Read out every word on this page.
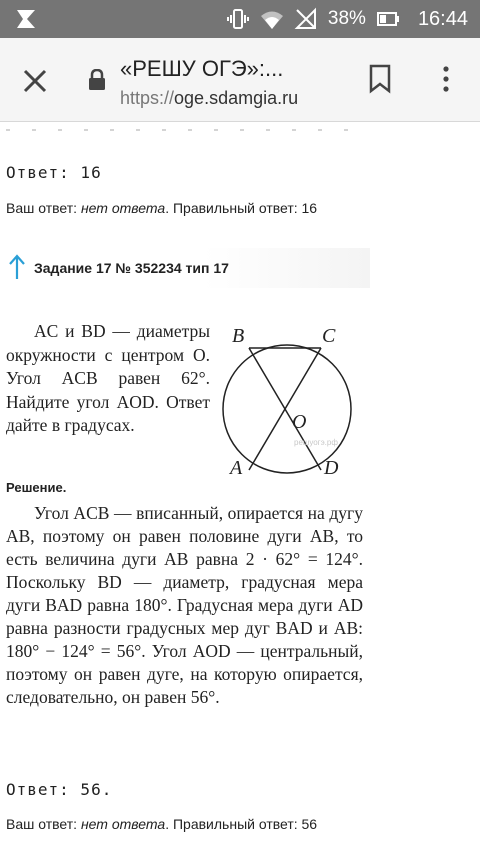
38%	16:44
«РЕШУ ОГЭ»:...
https://oge.sdamgia.ru
Ответ: 16
Ваш ответ: нет ответа. Правильный ответ: 16
Задание 17 № 352234 тип 17
AC и BD — диаметры окружности с центром O. Угол ACB равен 62°. Найдите угол AOD. Ответ дайте в градусах.
B	C
O
A	D
решуогэ.рф
Решение.
Угол ACB — вписанный, опирается на дугу AB, поэтому он равен половине дуги AB, то есть величина дуги AB равна 2 · 62° = 124°. Поскольку BD — диаметр, градусная мера дуги BAD равна 180°. Градусная мера дуги AD равна разности градусных мер дуг BAD и AB: 180° − 124° = 56°. Угол AOD — центральный, поэтому он равен дуге, на которую опирается, следовательно, он равен 56°.
Ответ: 56.
Ваш ответ: нет ответа. Правильный ответ: 56
